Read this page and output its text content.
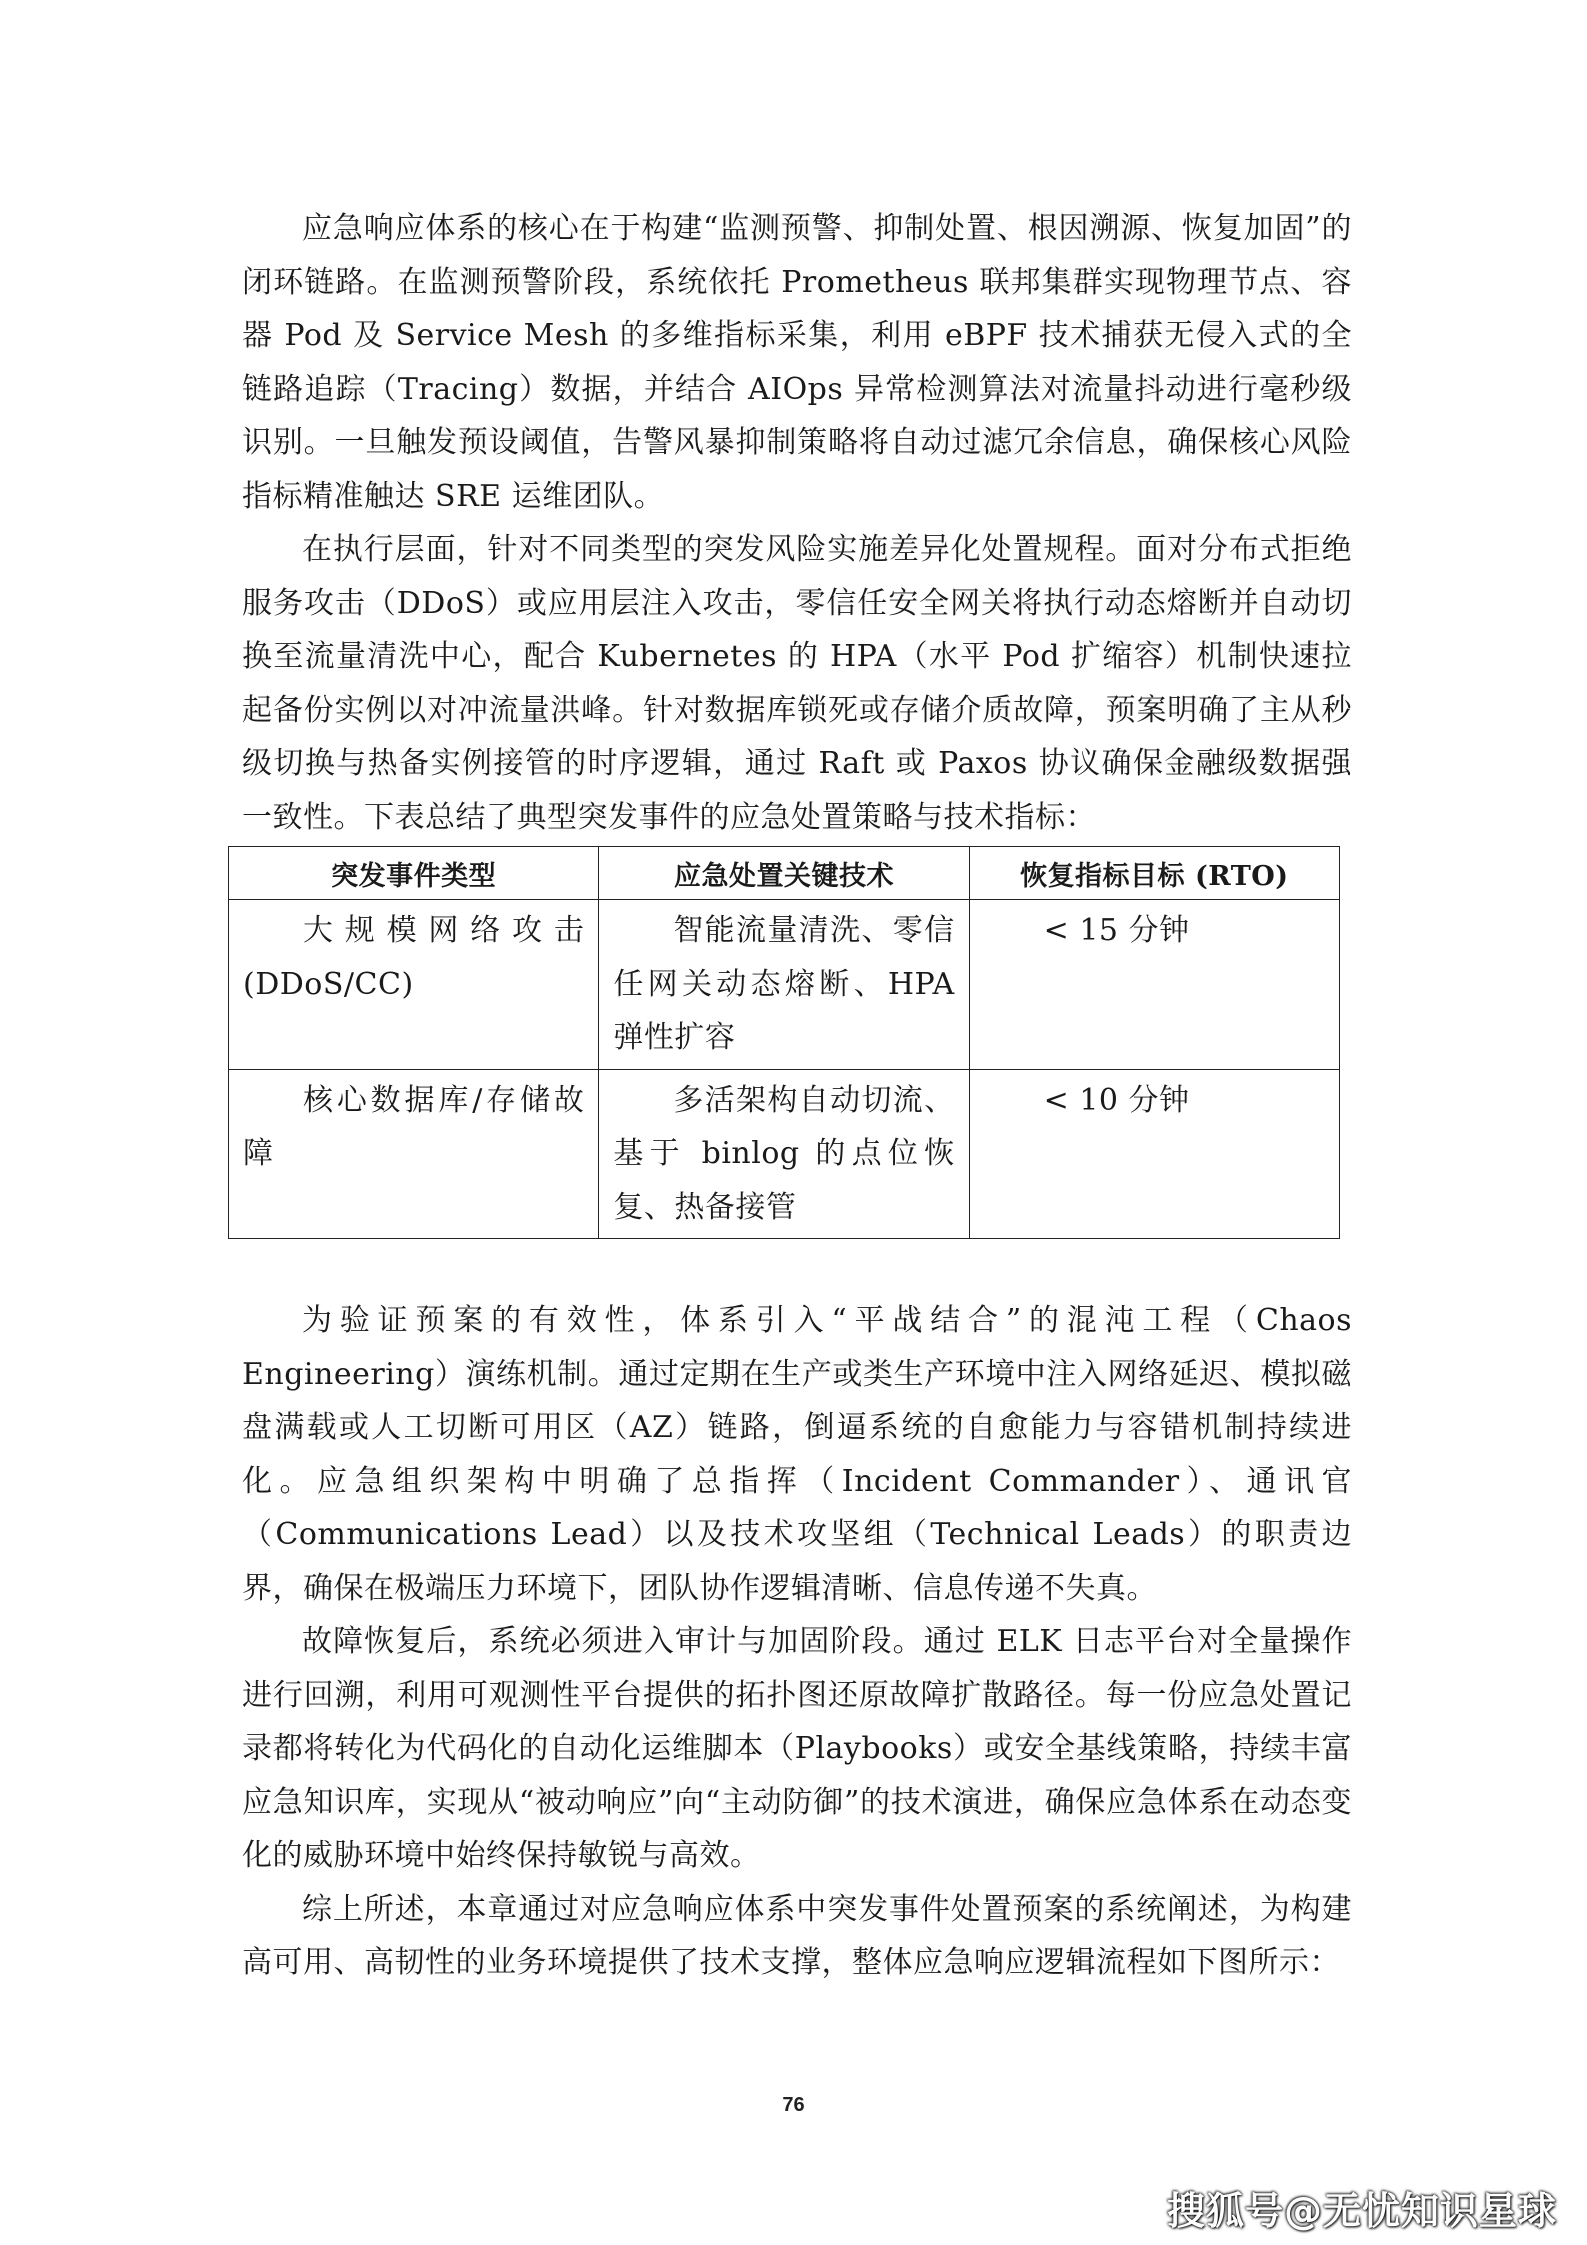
应急响应体系的核心在于构建“监测预警、抑制处置、根因溯源、恢复加固”的闭环链路。在监测预警阶段，系统依托 Prometheus 联邦集群实现物理节点、容器 Pod 及 Service Mesh 的多维指标采集，利用 eBPF 技术捕获无侵入式的全链路追踪（Tracing）数据，并结合 AIOps 异常检测算法对流量抖动进行毫秒级识别。一旦触发预设阈值，告警风暴抑制策略将自动过滤冗余信息，确保核心风险指标精准触达 SRE 运维团队。

在执行层面，针对不同类型的突发风险实施差异化处置规程。面对分布式拒绝服务攻击（DDoS）或应用层注入攻击，零信任安全网关将执行动态熔断并自动切换至流量清洗中心，配合 Kubernetes 的 HPA（水平 Pod 扩缩容）机制快速拉起备份实例以对冲流量洪峰。针对数据库锁死或存储介质故障，预案明确了主从秒级切换与热备实例接管的时序逻辑，通过 Raft 或 Paxos 协议确保金融级数据强一致性。下表总结了典型突发事件的应急处置策略与技术指标：

突发事件类型	应急处置关键技术	恢复指标目标 (RTO)
大规模网络攻击(DDoS/CC)	智能流量清洗、零信任网关动态熔断、HPA 弹性扩容	< 15 分钟
核心数据库/存储故障	多活架构自动切流、基于 binlog 的点位恢复、热备接管	< 10 分钟

为验证预案的有效性，体系引入“平战结合”的混沌工程（Chaos Engineering）演练机制。通过定期在生产或类生产环境中注入网络延迟、模拟磁盘满载或人工切断可用区（AZ）链路，倒逼系统的自愈能力与容错机制持续进化。应急组织架构中明确了总指挥（Incident Commander）、通讯官（Communications Lead）以及技术攻坚组（Technical Leads）的职责边界，确保在极端压力环境下，团队协作逻辑清晰、信息传递不失真。

故障恢复后，系统必须进入审计与加固阶段。通过 ELK 日志平台对全量操作进行回溯，利用可观测性平台提供的拓扑图还原故障扩散路径。每一份应急处置记录都将转化为代码化的自动化运维脚本（Playbooks）或安全基线策略，持续丰富应急知识库，实现从“被动响应”向“主动防御”的技术演进，确保应急体系在动态变化的威胁环境中始终保持敏锐与高效。

综上所述，本章通过对应急响应体系中突发事件处置预案的系统阐述，为构建高可用、高韧性的业务环境提供了技术支撑，整体应急响应逻辑流程如下图所示：

76
搜狐号@无忧知识星球
